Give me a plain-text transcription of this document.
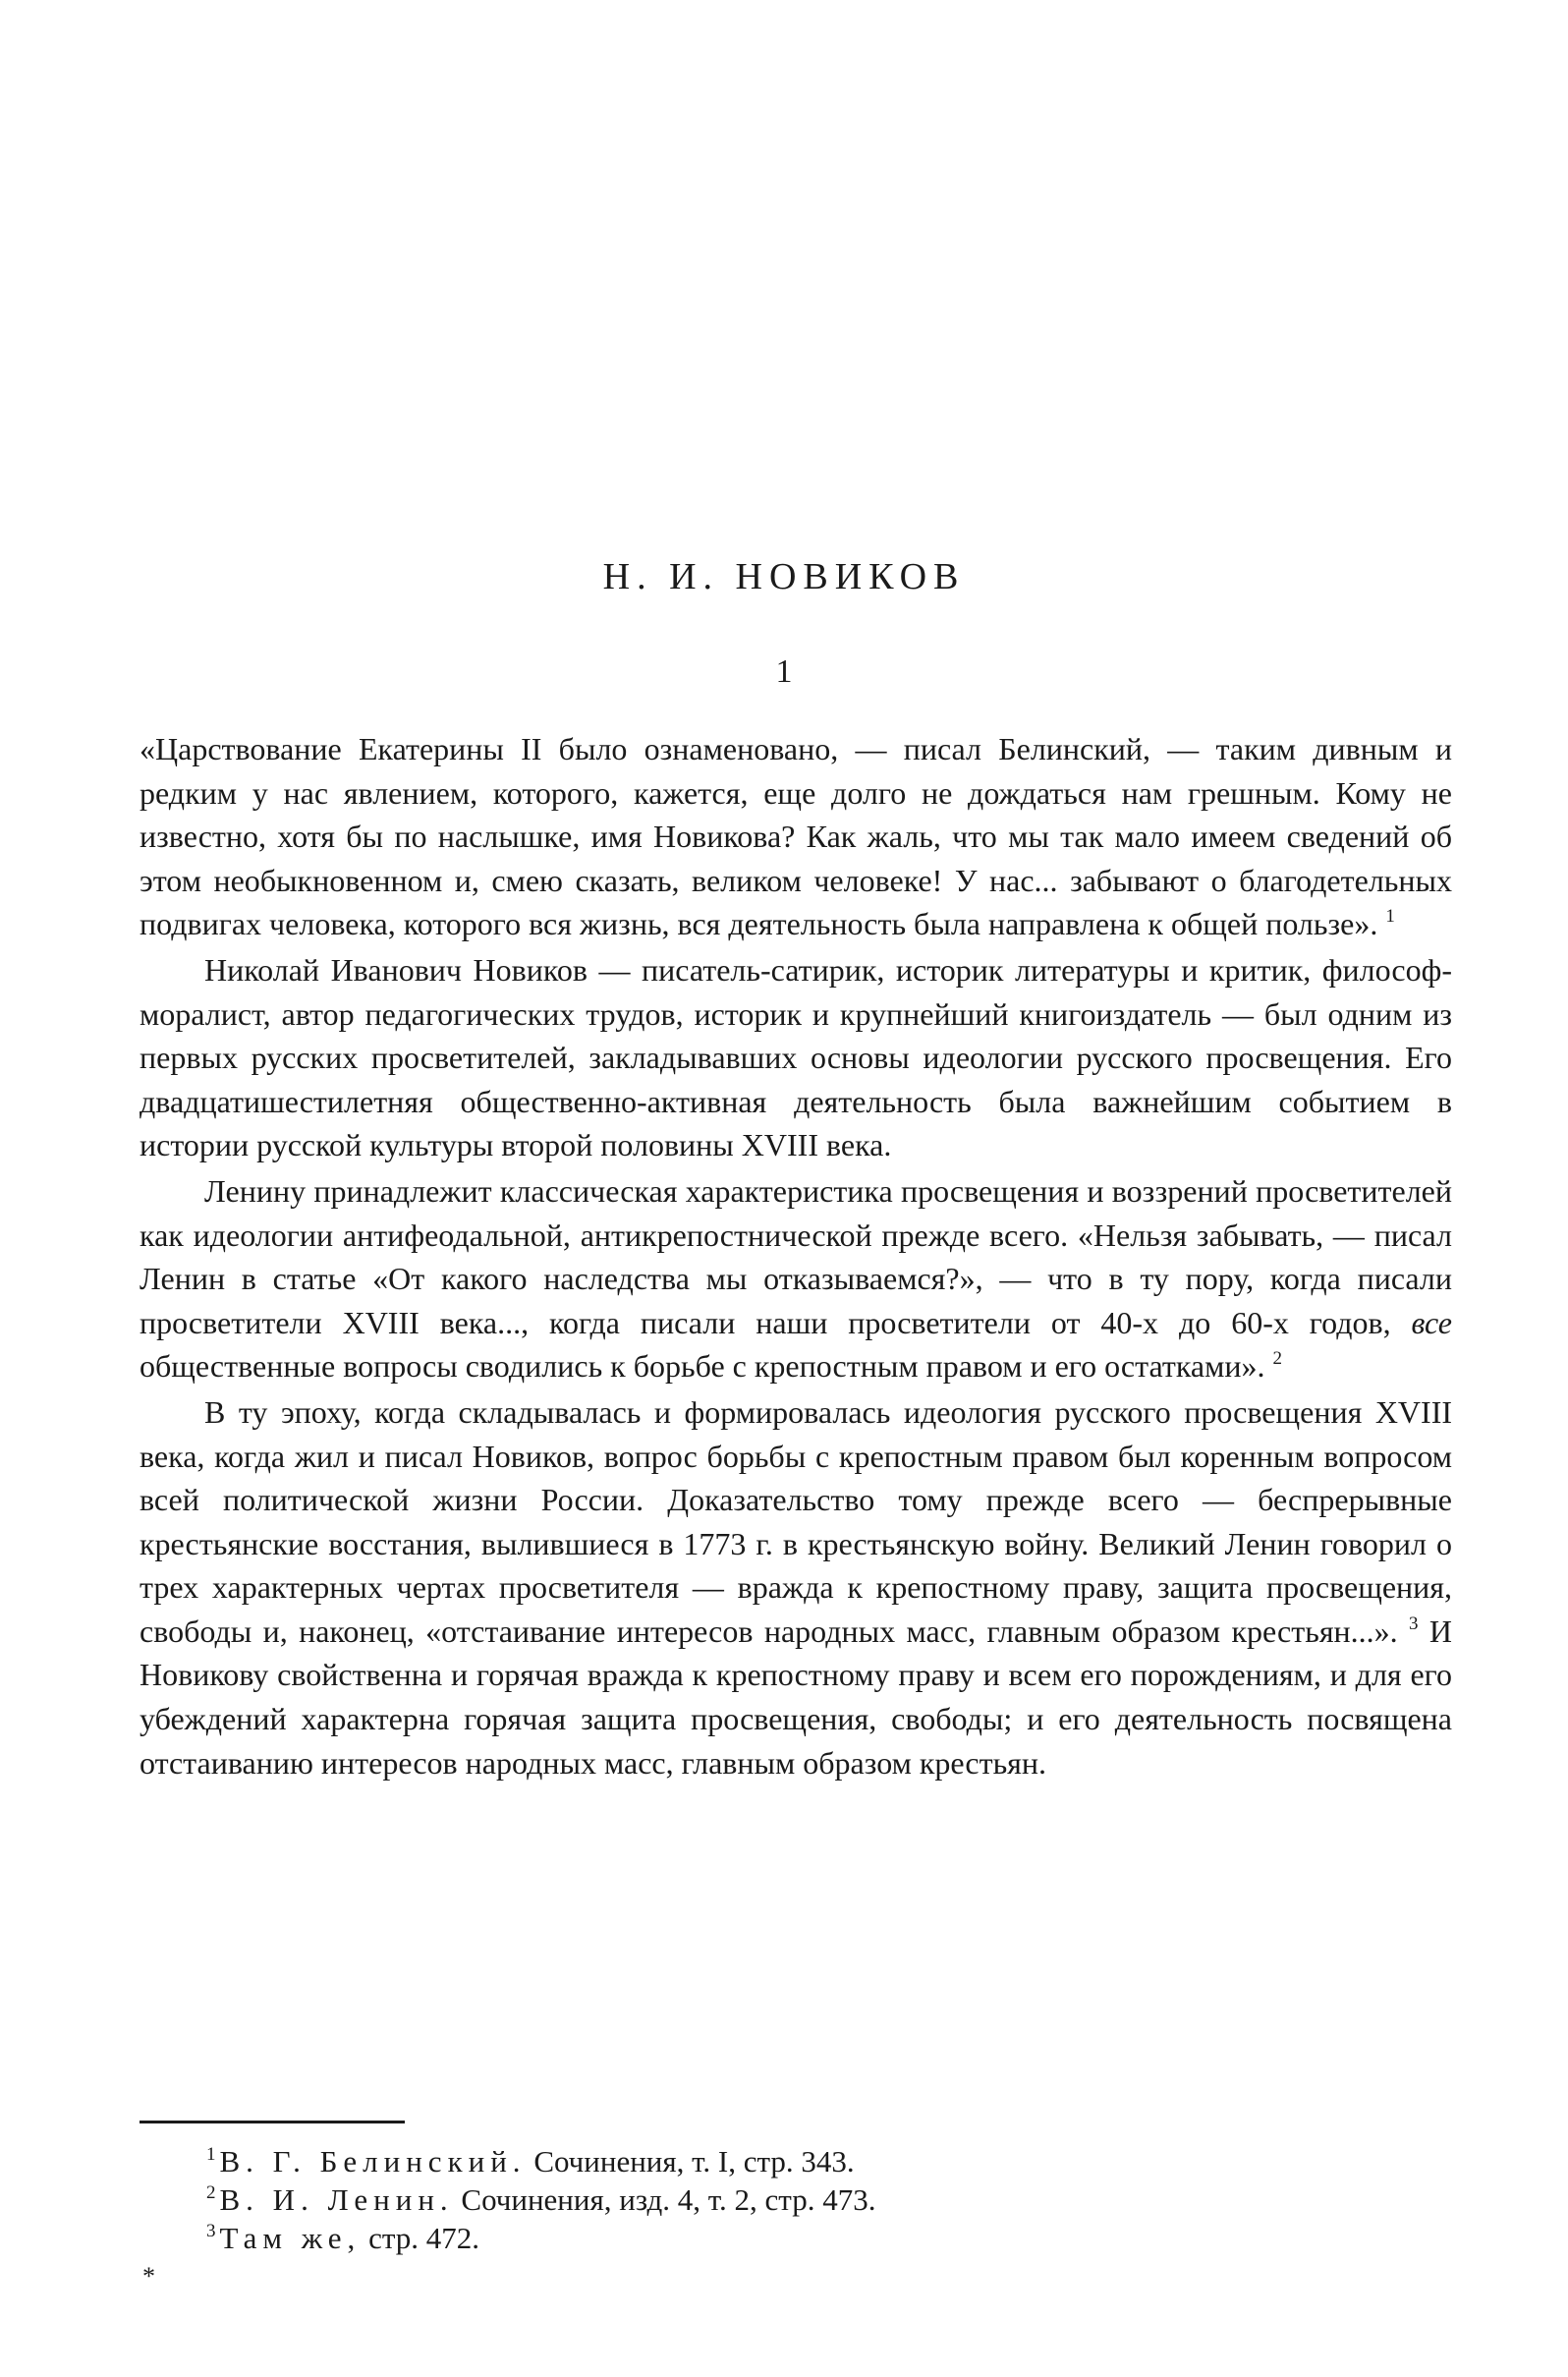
Н. И. НОВИКОВ
1

«Царствование Екатерины II было ознаменовано, — писал Белинский, — таким дивным и редким у нас явлением, которого, кажется, еще долго не дождаться нам грешным. Кому не известно, хотя бы по наслышке, имя Новикова? Как жаль, что мы так мало имеем сведений об этом необыкновенном и, смею сказать, великом человеке! У нас... забывают о благодетельных подвигах человека, которого вся жизнь, вся деятельность была направлена к общей пользе». $^1$

Николай Иванович Новиков — писатель-сатирик, историк литературы и критик, философ-моралист, автор педагогических трудов, историк и крупнейший книгоиздатель — был одним из первых русских просветителей, закладывавших основы идеологии русского просвещения. Его двадцатишестилетняя общественно-активная деятельность была важнейшим событием в истории русской культуры второй половины XVIII века.

Ленину принадлежит классическая характеристика просвещения и воззрений просветителей как идеологии антифеодальной, антикрепостнической прежде всего. «Нельзя забывать, — писал Ленин в статье «От какого наследства мы отказываемся?», — что в ту пору, когда писали просветители XVIII века..., когда писали наши просветители от 40-х до 60-х годов, все общественные вопросы сводились к борьбе с крепостным правом и его остатками». $^2$

В ту эпоху, когда складывалась и формировалась идеология русского просвещения XVIII века, когда жил и писал Новиков, вопрос борьбы с крепостным правом был коренным вопросом всей политической жизни России. Доказательство тому прежде всего — беспрерывные крестьянские восстания, вылившиеся в 1773 г. в крестьянскую войну. Великий Ленин говорил о трех характерных чертах просветителя — вражда к крепостному праву, защита просвещения, свободы и, наконец, «отстаивание интересов народных масс, главным образом крестьян...». $^3$ И Новикову свойственна и горячая вражда к крепостному праву и всем его порождениям, и для его убеждений характерна горячая защита просвещения, свободы; и его деятельность посвящена отстаиванию интересов народных масс, главным образом крестьян.

$^1$ В. Г. Белинский. Сочинения, т. I, стр. 343.
$^2$ В. И. Ленин. Сочинения, изд. 4, т. 2, стр. 473.
$^3$ Там же, стр. 472.
*
